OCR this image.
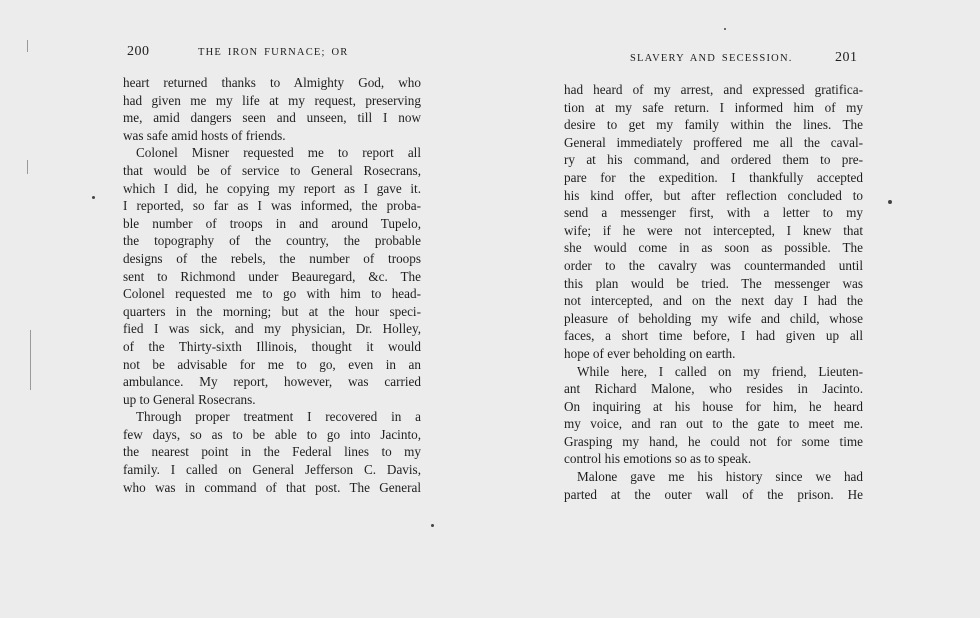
200	THE IRON FURNACE; OR
SLAVERY AND SECESSION.	201
heart returned thanks to Almighty God, who
had given me my life at my request, preserving
me, amid dangers seen and unseen, till I now
was safe amid hosts of friends.
Colonel Misner requested me to report all
that would be of service to General Rosecrans,
which I did, he copying my report as I gave it.
I reported, so far as I was informed, the proba-
ble number of troops in and around Tupelo,
the topography of the country, the probable
designs of the rebels, the number of troops
sent to Richmond under Beauregard, &c. The
Colonel requested me to go with him to head-
quarters in the morning; but at the hour speci-
fied I was sick, and my physician, Dr. Holley,
of the Thirty-sixth Illinois, thought it would
not be advisable for me to go, even in an
ambulance. My report, however, was carried
up to General Rosecrans.
Through proper treatment I recovered in a
few days, so as to be able to go into Jacinto,
the nearest point in the Federal lines to my
family. I called on General Jefferson C. Davis,
who was in command of that post. The General
had heard of my arrest, and expressed gratifica-
tion at my safe return. I informed him of my
desire to get my family within the lines. The
General immediately proffered me all the caval-
ry at his command, and ordered them to pre-
pare for the expedition. I thankfully accepted
his kind offer, but after reflection concluded to
send a messenger first, with a letter to my
wife; if he were not intercepted, I knew that
she would come in as soon as possible. The
order to the cavalry was countermanded until
this plan would be tried. The messenger was
not intercepted, and on the next day I had the
pleasure of beholding my wife and child, whose
faces, a short time before, I had given up all
hope of ever beholding on earth.
While here, I called on my friend, Lieuten-
ant Richard Malone, who resides in Jacinto.
On inquiring at his house for him, he heard
my voice, and ran out to the gate to meet me.
Grasping my hand, he could not for some time
control his emotions so as to speak.
Malone gave me his history since we had
parted at the outer wall of the prison. He
